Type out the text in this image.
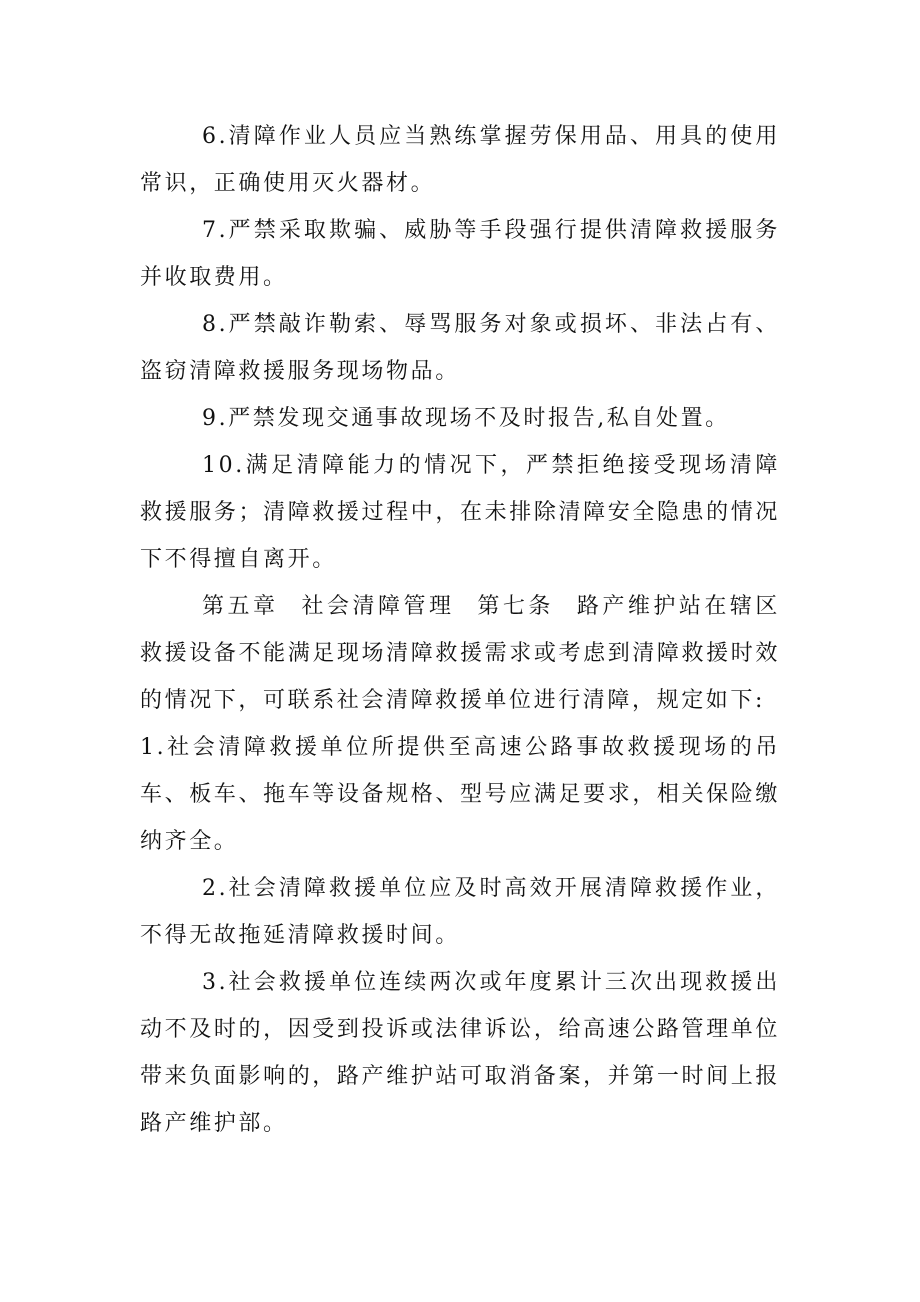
6.清障作业人员应当熟练掌握劳保用品、用具的使用常识，正确使用灭火器材。

7.严禁采取欺骗、威胁等手段强行提供清障救援服务并收取费用。

8.严禁敲诈勒索、辱骂服务对象或损坏、非法占有、盗窃清障救援服务现场物品。

9.严禁发现交通事故现场不及时报告,私自处置。

10.满足清障能力的情况下，严禁拒绝接受现场清障救援服务；清障救援过程中，在未排除清障安全隐患的情况下不得擅自离开。

第五章 社会清障管理 第七条 路产维护站在辖区救援设备不能满足现场清障救援需求或考虑到清障救援时效的情况下，可联系社会清障救援单位进行清障，规定如下:

1.社会清障救援单位所提供至高速公路事故救援现场的吊车、板车、拖车等设备规格、型号应满足要求，相关保险缴纳齐全。

2.社会清障救援单位应及时高效开展清障救援作业，不得无故拖延清障救援时间。

3.社会救援单位连续两次或年度累计三次出现救援出动不及时的，因受到投诉或法律诉讼，给高速公路管理单位带来负面影响的，路产维护站可取消备案，并第一时间上报路产维护部。
